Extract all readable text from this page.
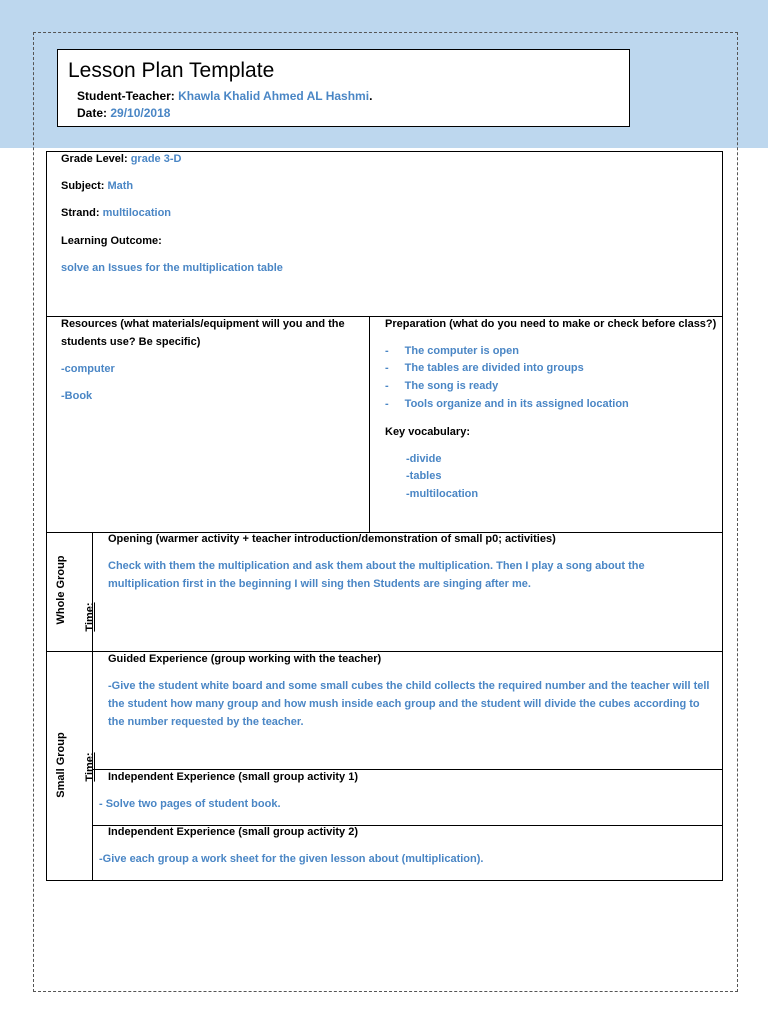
Lesson Plan Template
Student-Teacher: Khawla Khalid Ahmed AL Hashmi.
Date: 29/10/2018
Grade Level: grade 3-D
Subject: Math
Strand: multilocation
Learning Outcome:
solve an Issues for the multiplication table
Resources (what materials/equipment will you and the
students use? Be specific)
-computer
-Book
Preparation (what do you need to make or check before class?)
- The computer is open
- The tables are divided into groups
- The song is ready
- Tools organize and in its assigned location
Key vocabulary:
-divide
-tables
-multilocation
Whole Group Time:
Opening (warmer activity + teacher introduction/demonstration of small p0; activities)
Check with them the multiplication and ask them about the multiplication. Then I play a song about the
multiplication first in the beginning I will sing then Students are singing after me.
Small Group Time:
Guided Experience (group working with the teacher)
-Give the student white board and some small cubes the child collects the required number and the teacher will tell
the student how many group and how mush inside each group and the student will divide the cubes according to
the number requested by the teacher.
Independent Experience (small group activity 1)
- Solve two pages of student book.
Independent Experience (small group activity 2)
-Give each group a work sheet for the given lesson about (multiplication).
